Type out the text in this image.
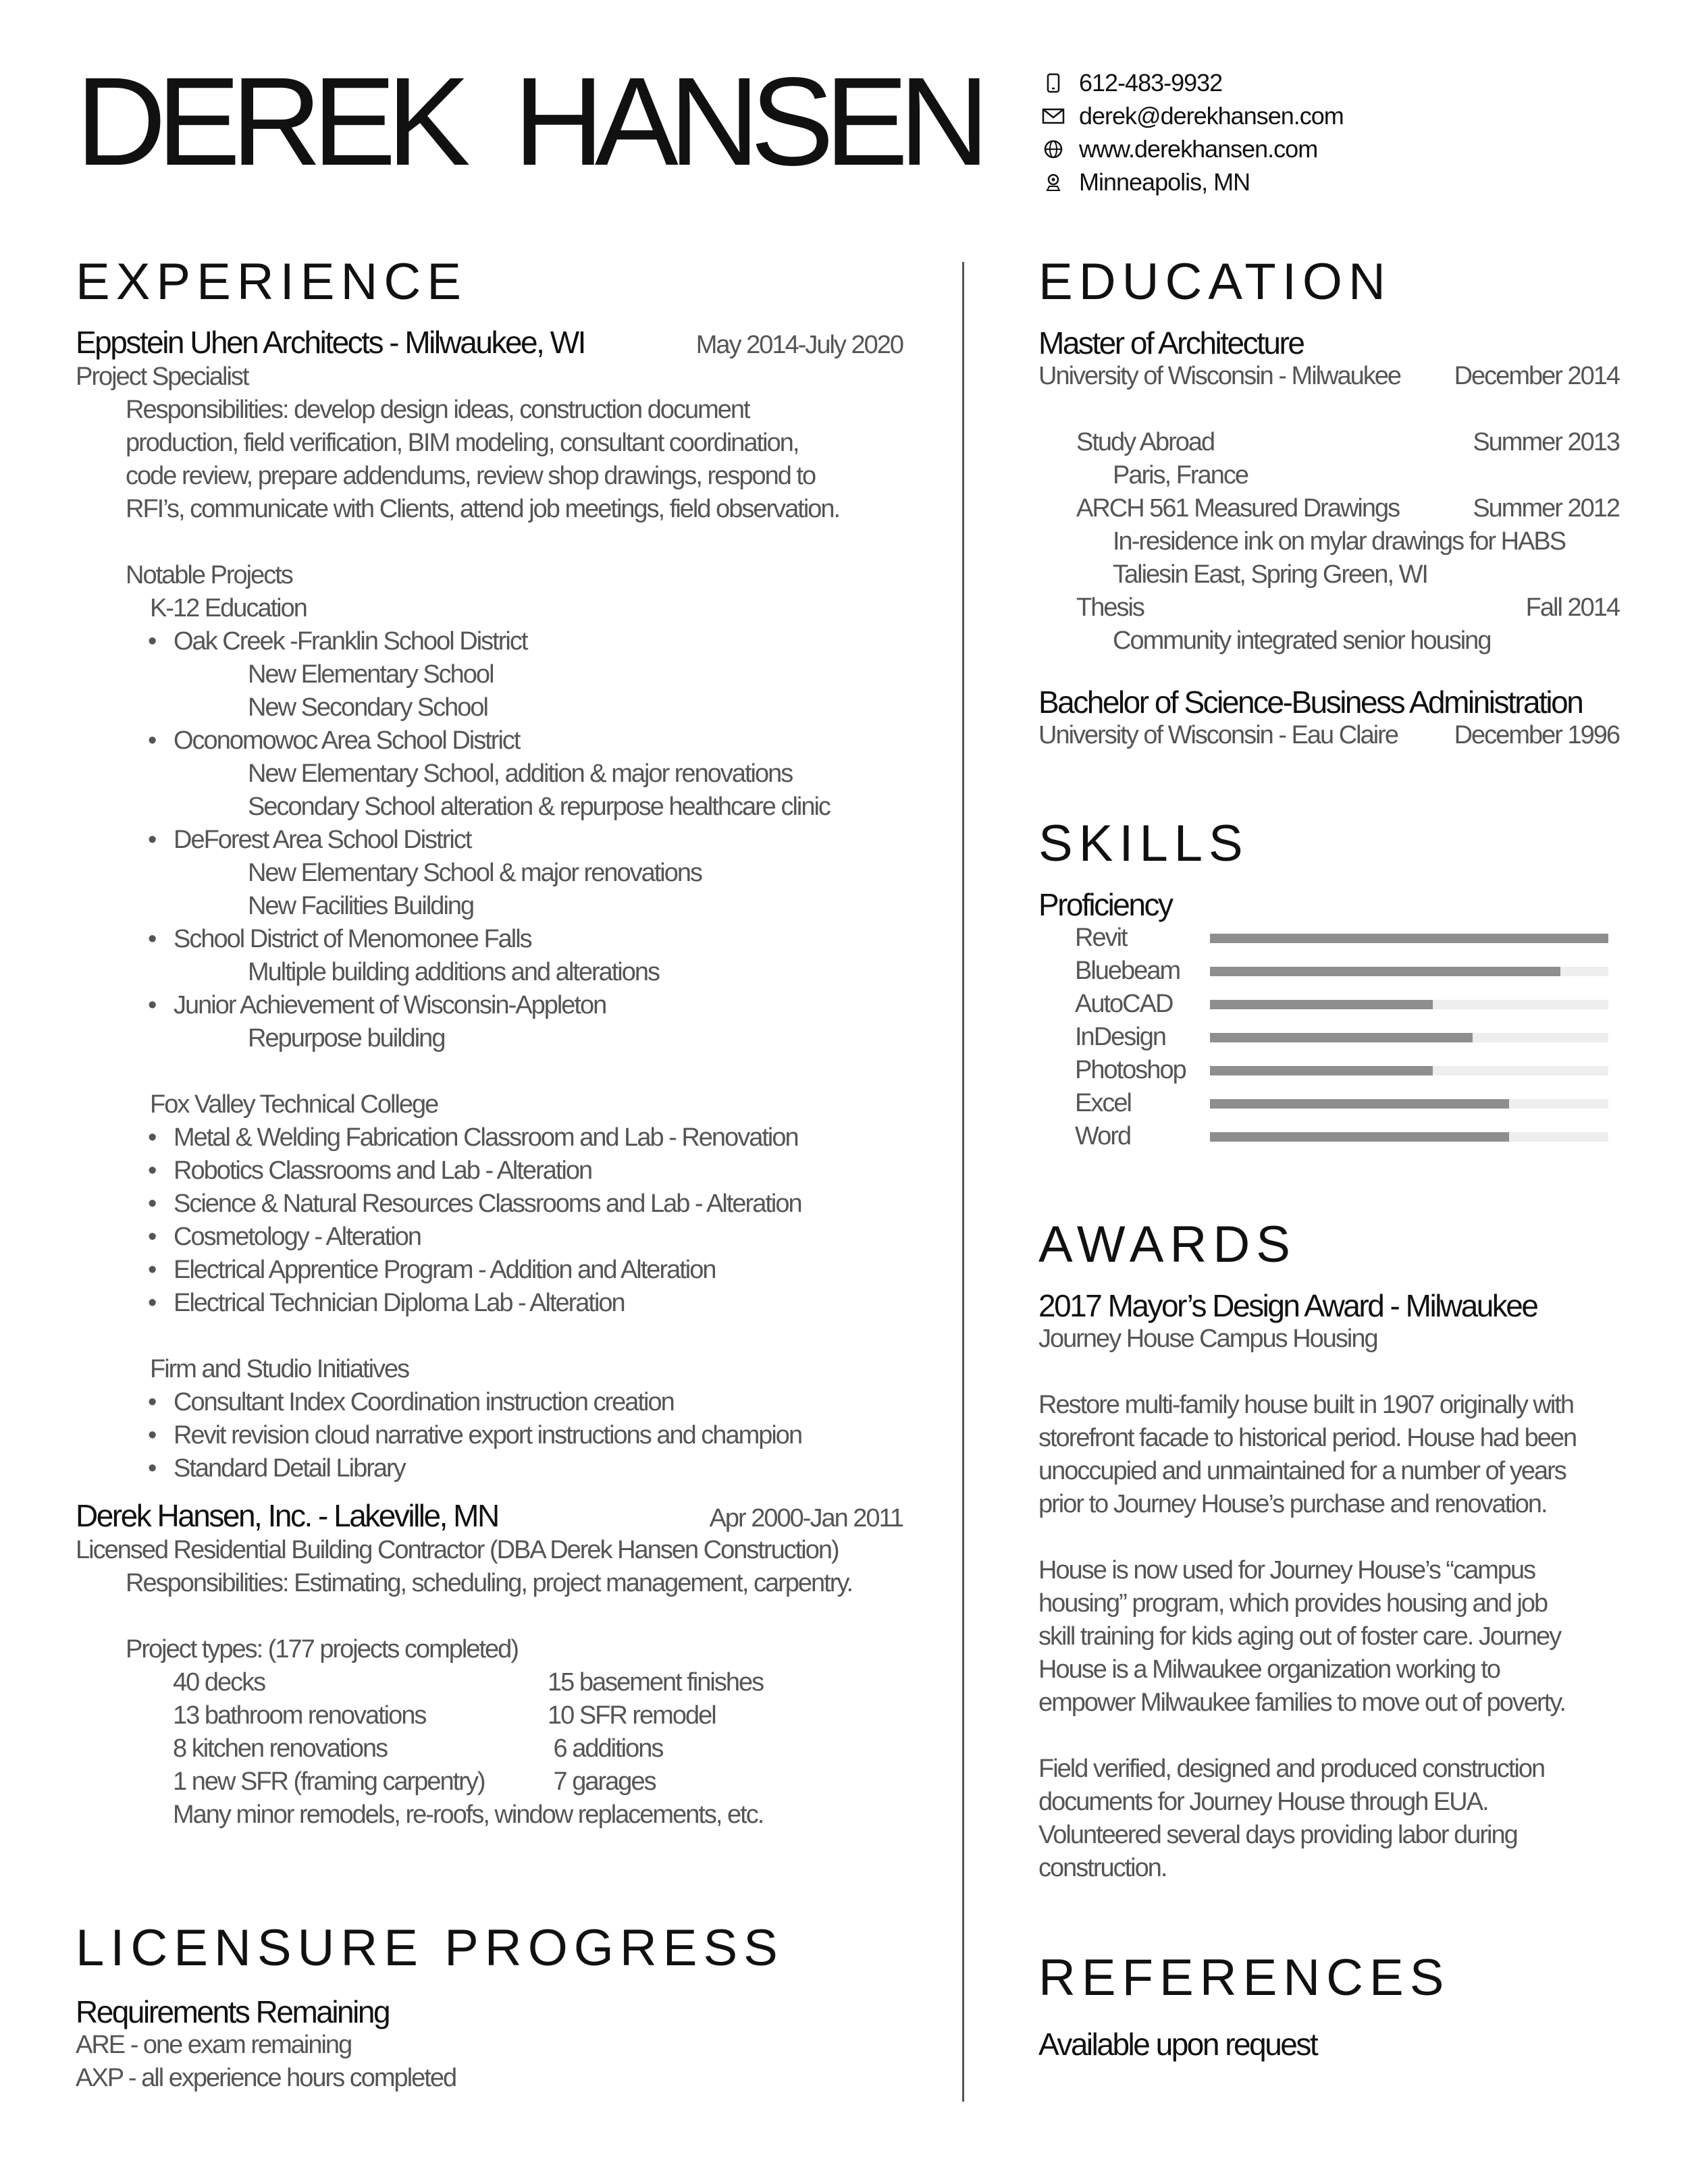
DEREK HANSEN	612-483-9932
derek@derekhansen.com
www.derekhansen.com
Minneapolis, MN
EXPERIENCE
Eppstein Uhen Architects - Milwaukee, WI	May 2014-July 2020
Project Specialist
Responsibilities: develop design ideas, construction document
production, field verification, BIM modeling, consultant coordination,
code review, prepare addendums, review shop drawings, respond to
RFI’s, communicate with Clients, attend job meetings, field observation.
Notable Projects
K-12 Education
• Oak Creek -Franklin School District
New Elementary School
New Secondary School
• Oconomowoc Area School District
New Elementary School, addition & major renovations
Secondary School alteration & repurpose healthcare clinic
• DeForest Area School District
New Elementary School & major renovations
New Facilities Building
• School District of Menomonee Falls
Multiple building additions and alterations
• Junior Achievement of Wisconsin-Appleton
Repurpose building
Fox Valley Technical College
• Metal & Welding Fabrication Classroom and Lab - Renovation
• Robotics Classrooms and Lab - Alteration
• Science & Natural Resources Classrooms and Lab - Alteration
• Cosmetology - Alteration
• Electrical Apprentice Program - Addition and Alteration
• Electrical Technician Diploma Lab - Alteration
Firm and Studio Initiatives
• Consultant Index Coordination instruction creation
• Revit revision cloud narrative export instructions and champion
• Standard Detail Library
Derek Hansen, Inc. - Lakeville, MN	Apr 2000-Jan 2011
Licensed Residential Building Contractor (DBA Derek Hansen Construction)
Responsibilities: Estimating, scheduling, project management, carpentry.
Project types: (177 projects completed)
40 decks	15 basement finishes
13 bathroom renovations	10 SFR remodel
8 kitchen renovations	6 additions
1 new SFR (framing carpentry)	7 garages
Many minor remodels, re-roofs, window replacements, etc.
LICENSURE PROGRESS
Requirements Remaining
ARE - one exam remaining
AXP - all experience hours completed
EDUCATION
Master of Architecture
University of Wisconsin - Milwaukee December 2014
Study Abroad	Summer 2013
Paris, France
ARCH 561 Measured Drawings	Summer 2012
In-residence ink on mylar drawings for HABS
Taliesin East, Spring Green, WI
Thesis	Fall 2014
Community integrated senior housing
Bachelor of Science-Business Administration
University of Wisconsin - Eau Claire December 1996
SKILLS
Proficiency
Revit
Bluebeam
AutoCAD
InDesign
Photoshop
Excel
Word
AWARDS
2017 Mayor’s Design Award - Milwaukee
Journey House Campus Housing
Restore multi-family house built in 1907 originally with
storefront facade to historical period. House had been
unoccupied and unmaintained for a number of years
prior to Journey House’s purchase and renovation.
House is now used for Journey House’s “campus
housing” program, which provides housing and job
skill training for kids aging out of foster care. Journey
House is a Milwaukee organization working to
empower Milwaukee families to move out of poverty.
Field verified, designed and produced construction
documents for Journey House through EUA.
Volunteered several days providing labor during
construction.
REFERENCES
Available upon request
